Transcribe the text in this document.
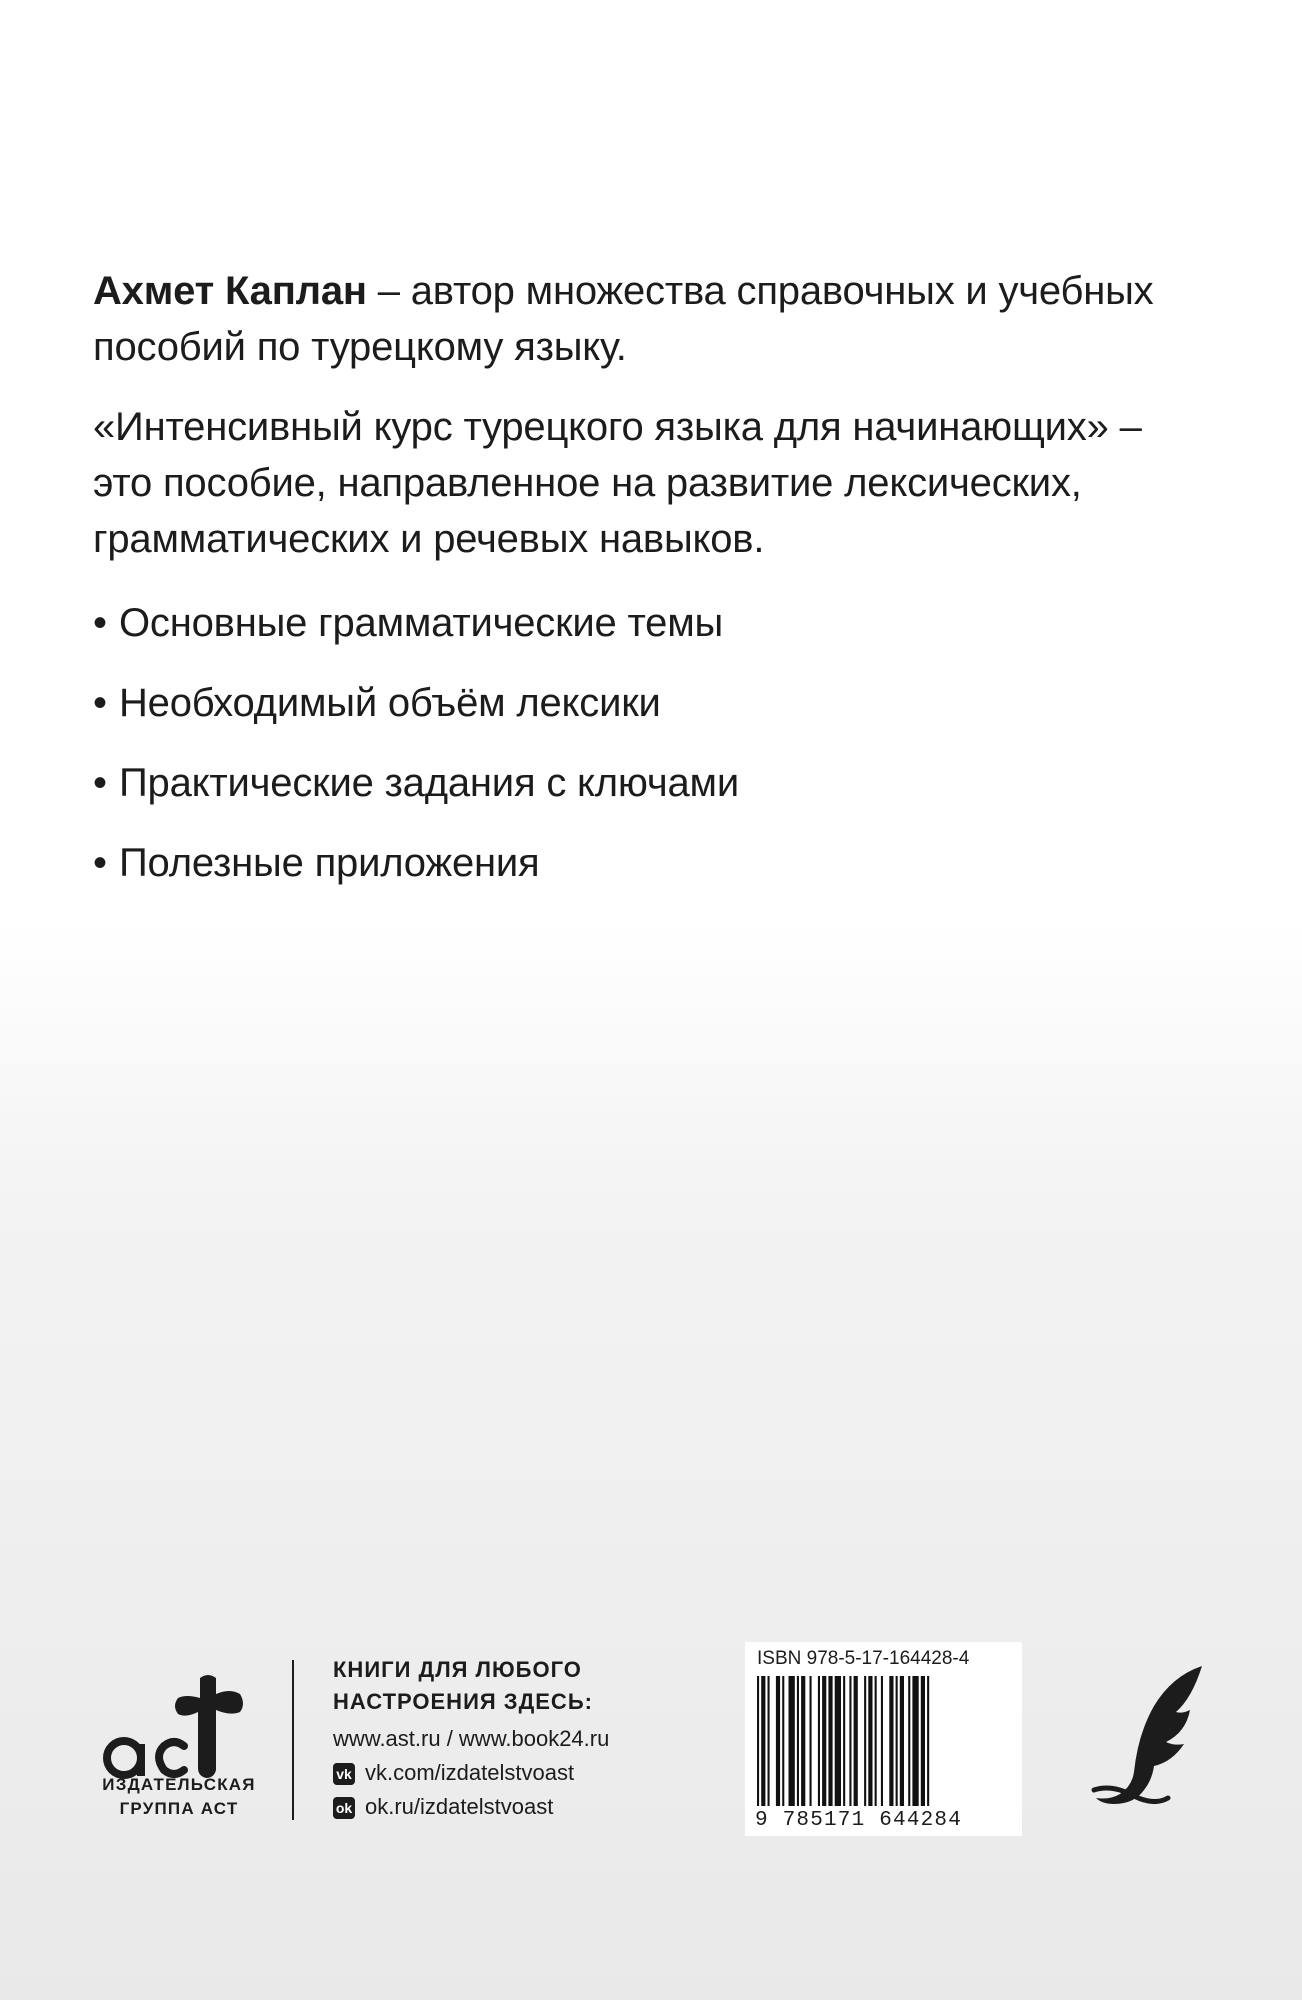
Ахмет Каплан – автор множества справочных и учебных
пособий по турецкому языку.

«Интенсивный курс турецкого языка для начинающих» –
это пособие, направленное на развитие лексических,
грамматических и речевых навыков.

• Основные грамматические темы
• Необходимый объём лексики
• Практические задания с ключами
• Полезные приложения
ИЗДАТЕЛЬСКАЯ
ГРУППА АСТ
КНИГИ ДЛЯ ЛЮБОГО
НАСТРОЕНИЯ ЗДЕСЬ:
www.ast.ru / www.book24.ru
vk vk.com/izdatelstvoast
ok ok.ru/izdatelstvoast
ISBN 978-5-17-164428-4
9 785171 644284
